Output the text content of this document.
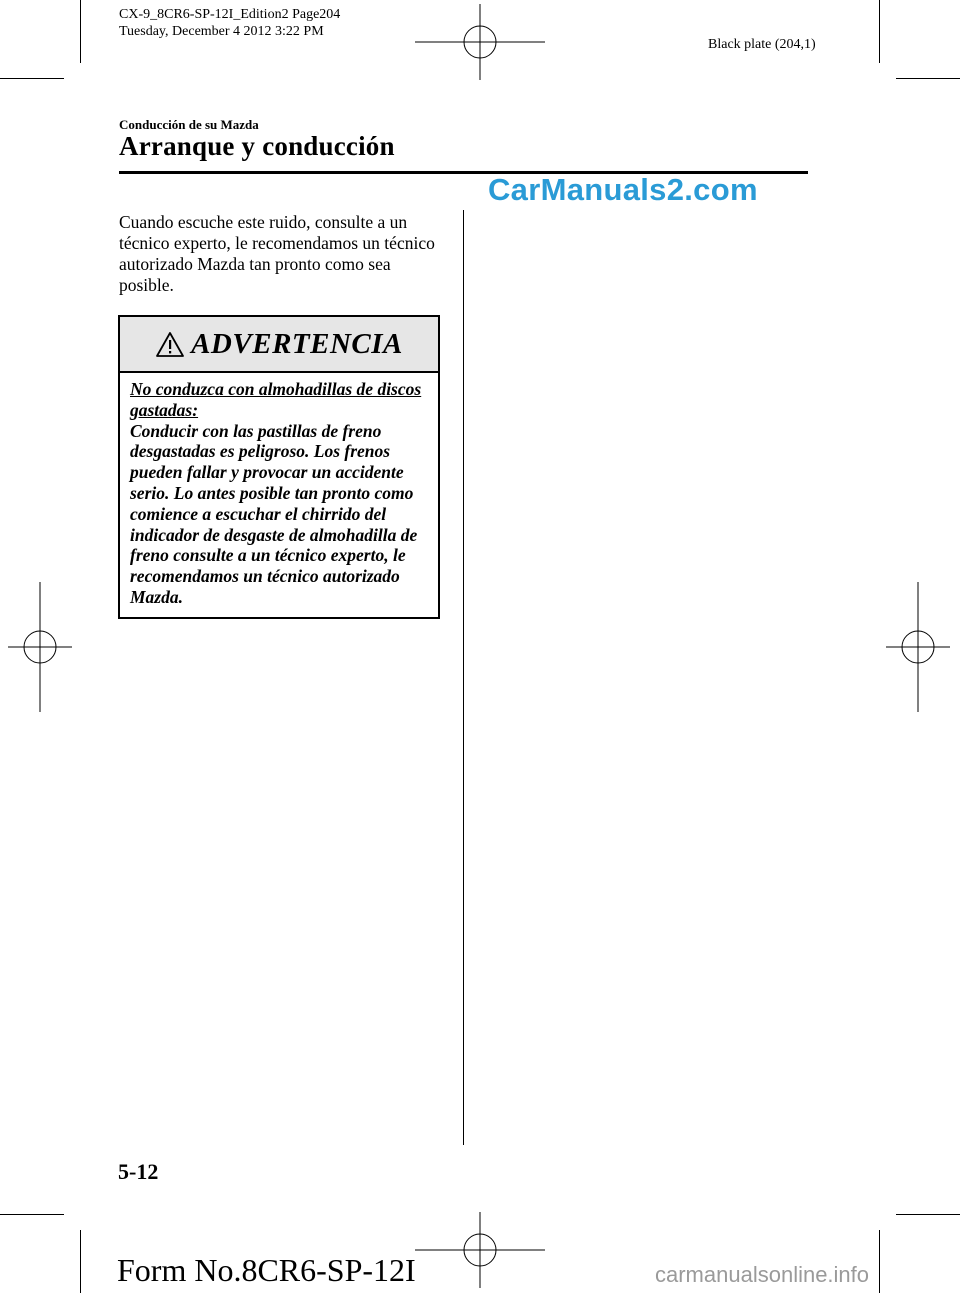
CX-9_8CR6-SP-12I_Edition2 Page204
Tuesday, December 4 2012 3:22 PM
Black plate (204,1)
Conducción de su Mazda
Arranque y conducción
CarManuals2.com

Cuando escuche este ruido, consulte a un técnico experto, le recomendamos un técnico autorizado Mazda tan pronto como sea posible.

ADVERTENCIA
No conduzca con almohadillas de discos gastadas:
Conducir con las pastillas de freno desgastadas es peligroso. Los frenos pueden fallar y provocar un accidente serio. Lo antes posible tan pronto como comience a escuchar el chirrido del indicador de desgaste de almohadilla de freno consulte a un técnico experto, le recomendamos un técnico autorizado Mazda.
5-12
Form No.8CR6-SP-12I	carmanualsonline.info
